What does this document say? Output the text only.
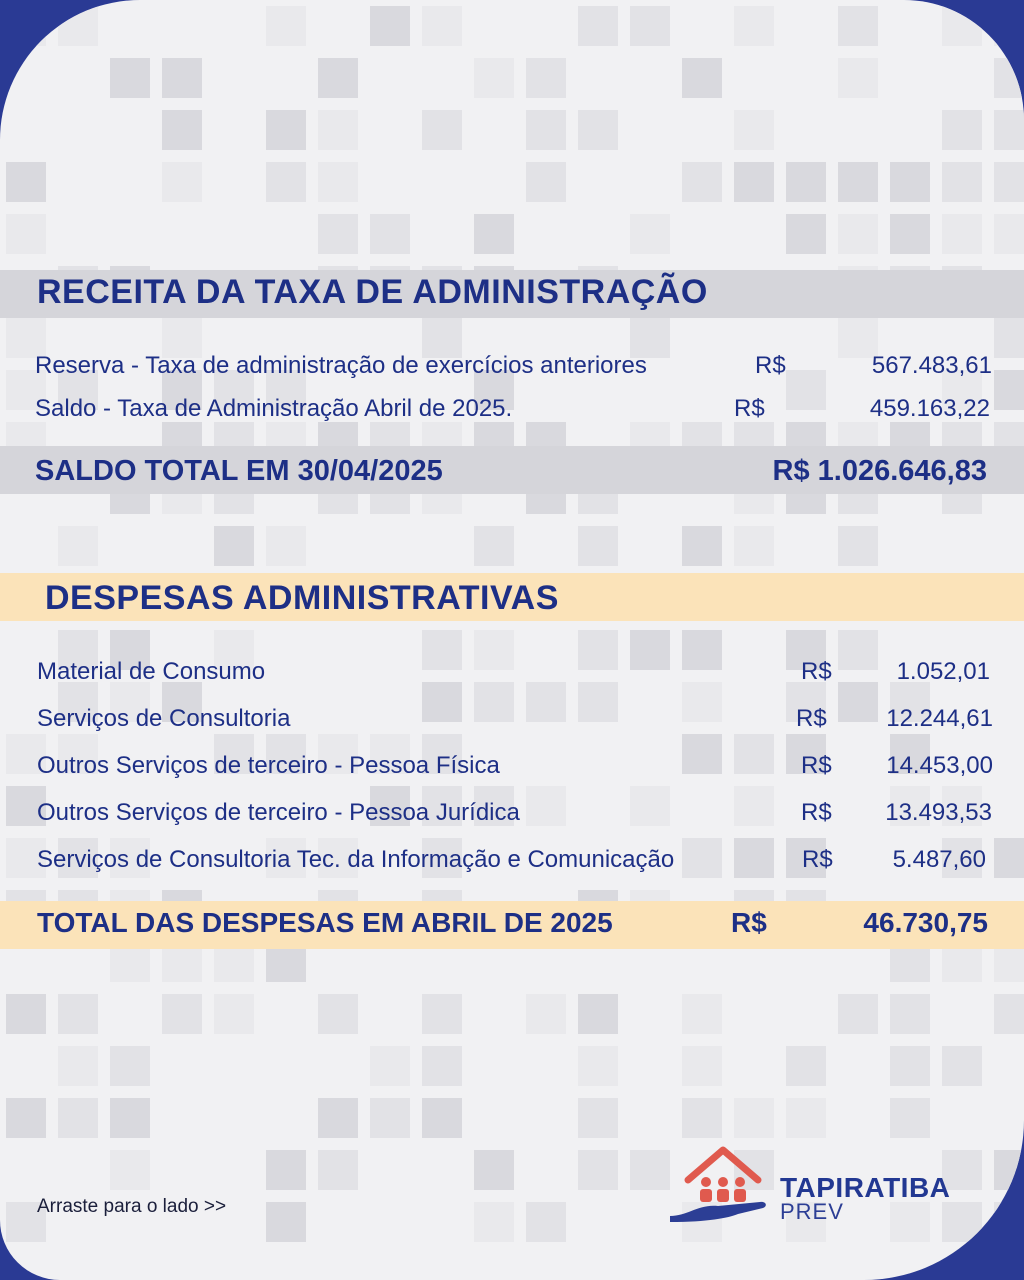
RECEITA DA TAXA DE ADMINISTRAÇÃO
Reserva - Taxa de administração de exercícios anteriores	R$	567.483,61
Saldo - Taxa de Administração Abril de 2025.	R$	459.163,22
SALDO TOTAL EM 30/04/2025	R$ 1.026.646,83
DESPESAS ADMINISTRATIVAS
Material de Consumo	R$	1.052,01
Serviços de Consultoria	R$	12.244,61
Outros Serviços de terceiro - Pessoa Física	R$	14.453,00
Outros Serviços de terceiro - Pessoa Jurídica	R$	13.493,53
Serviços de Consultoria Tec. da Informação e Comunicação	R$	5.487,60
TOTAL DAS DESPESAS EM ABRIL DE 2025	R$	46.730,75
Arraste para o lado >>
TAPIRATIBA
PREV
